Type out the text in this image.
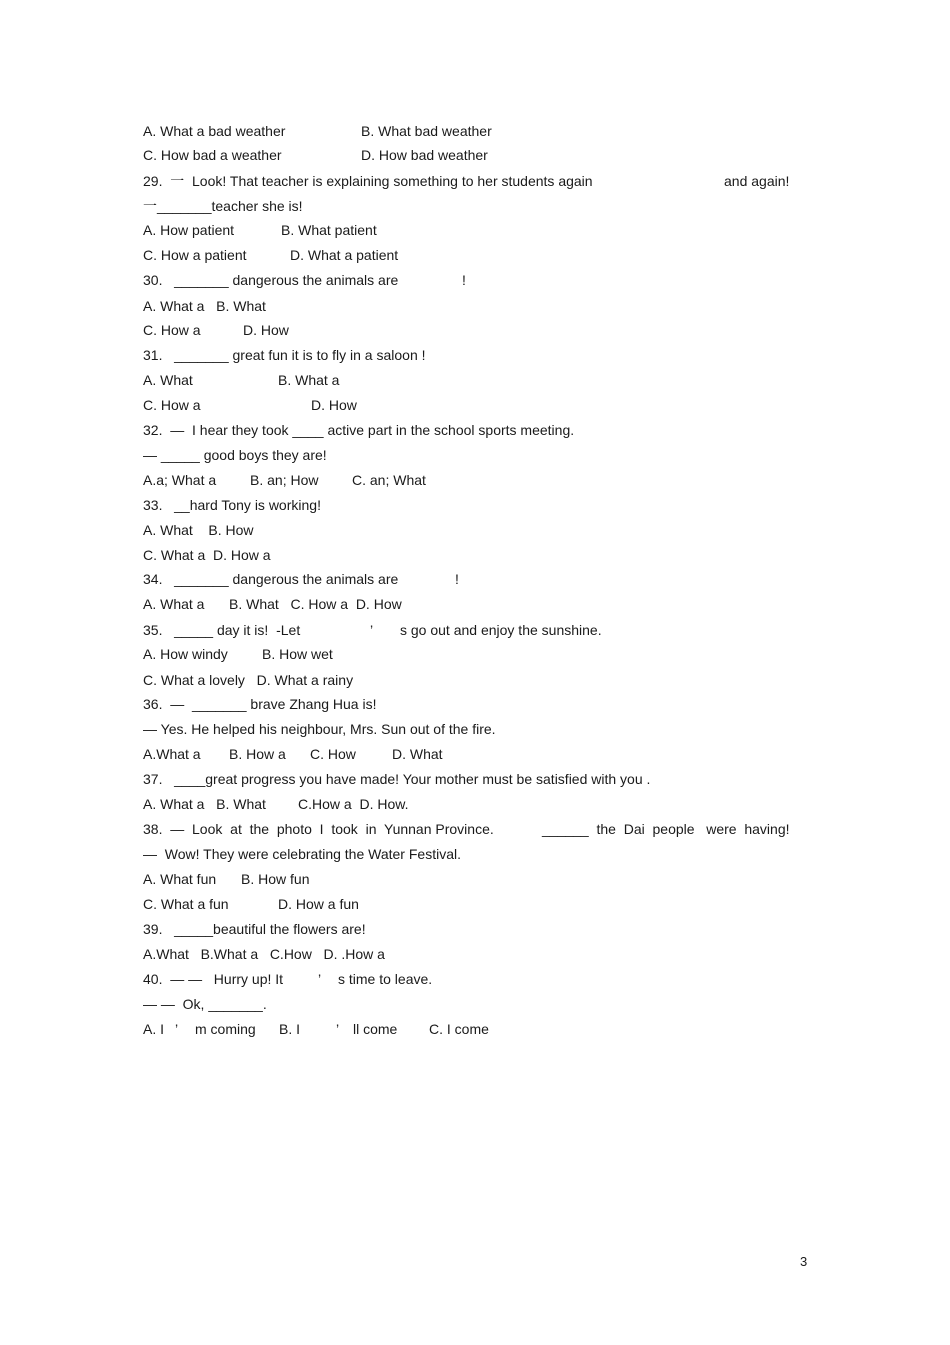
A. What a bad weather	B. What bad weather
C. How bad a weather	D. How bad weather
29.  一  Look! That teacher is explaining something to her students again	and again!
一_______teacher she is!
A. How patient	B. What patient
C. How a patient	D. What a patient
30.   _______ dangerous the animals are	!
A. What a   B. What
C. How a	D. How
31.   _______ great fun it is to fly in a saloon !
A. What	B. What a
C. How a	D. How
32.  —  I hear they took ____ active part in the school sports meeting.
— _____ good boys they are!
A.a; What a B. an; How C. an; What
33.   __hard Tony is working!
A. What    B. How
C. What a  D. How a
34.   _______ dangerous the animals are	!
A. What a B. What   C. How a  D. How
35.   _____ day it is!  -Let	’ s go out and enjoy the sunshine.
A. How windy B. How wet
C. What a lovely   D. What a rainy
36.  —  _______ brave Zhang Hua is!
— Yes. He helped his neighbour, Mrs. Sun out of the fire.
A.What a B. How a C. How	D. What
37.   ____great progress you have made! Your mother must be satisfied with you .
A. What a   B. What C.How a  D. How.
38.  —  Look  at  the  photo  I  took  in  Yunnan Province.	______  the  Dai  people   were  having!
—  Wow! They were celebrating the Water Festival.
A. What fun B. How fun
C. What a fun	D. How a fun
39.   _____beautiful the flowers are!
A.What   B.What a   C.How   D. .How a
40.  — —   Hurry up! It ’ s time to leave.
— —  Ok, _______.
A. I ’ m coming B. I	’ ll come C. I come
3
